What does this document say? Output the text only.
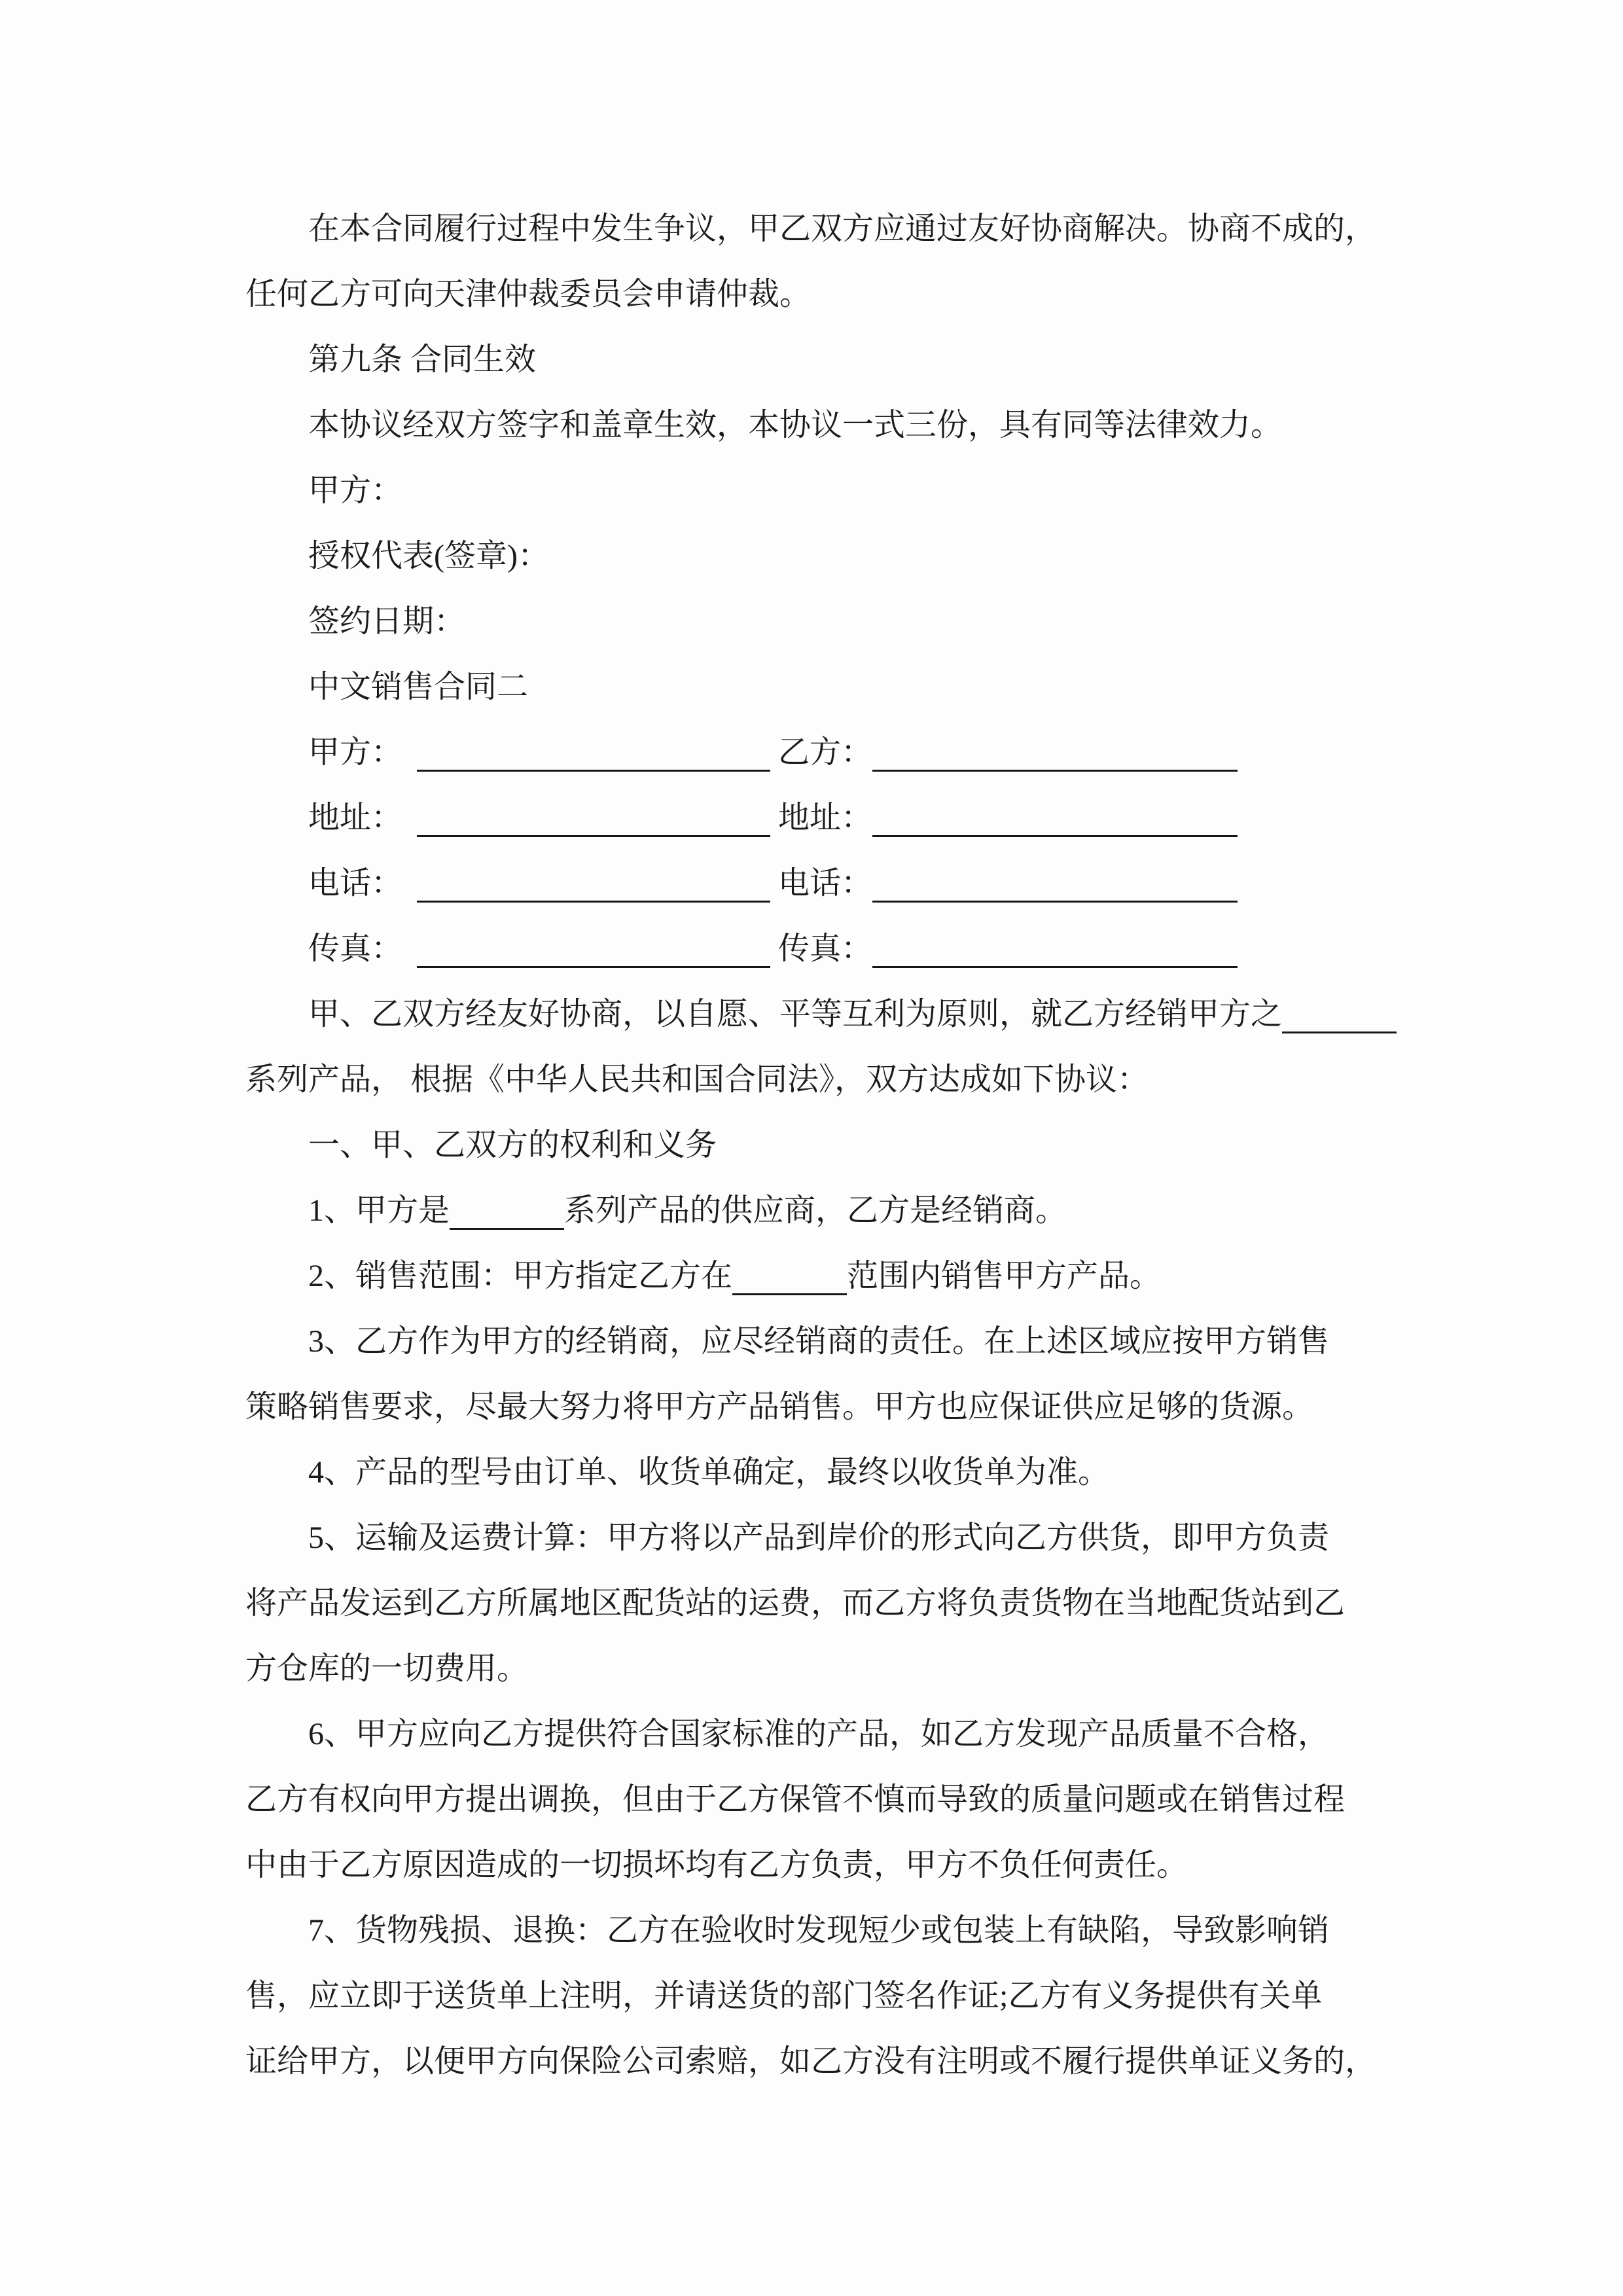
在本合同履行过程中发生争议，甲乙双方应通过友好协商解决。协商不成的，
任何乙方可向天津仲裁委员会申请仲裁。
第九条 合同生效
本协议经双方签字和盖章生效，本协议一式三份，具有同等法律效力。
甲方：
授权代表(签章)：
签约日期：
中文销售合同二
甲方：	乙方：
地址：	地址：
电话：	电话：
传真：	传真：
甲、乙双方经友好协商，以自愿、平等互利为原则，就乙方经销甲方之
系列产品， 根据《中华人民共和国合同法》，双方达成如下协议：
一、甲、乙双方的权利和义务
1、甲方是	系列产品的供应商，乙方是经销商。
2、销售范围：甲方指定乙方在	范围内销售甲方产品。
3、乙方作为甲方的经销商，应尽经销商的责任。在上述区域应按甲方销售
策略销售要求，尽最大努力将甲方产品销售。甲方也应保证供应足够的货源。
4、产品的型号由订单、收货单确定，最终以收货单为准。
5、运输及运费计算：甲方将以产品到岸价的形式向乙方供货，即甲方负责
将产品发运到乙方所属地区配货站的运费，而乙方将负责货物在当地配货站到乙
方仓库的一切费用。
6、甲方应向乙方提供符合国家标准的产品，如乙方发现产品质量不合格，
乙方有权向甲方提出调换，但由于乙方保管不慎而导致的质量问题或在销售过程
中由于乙方原因造成的一切损坏均有乙方负责，甲方不负任何责任。
7、货物残损、退换：乙方在验收时发现短少或包装上有缺陷，导致影响销
售，应立即于送货单上注明，并请送货的部门签名作证;乙方有义务提供有关单
证给甲方，以便甲方向保险公司索赔，如乙方没有注明或不履行提供单证义务的，
